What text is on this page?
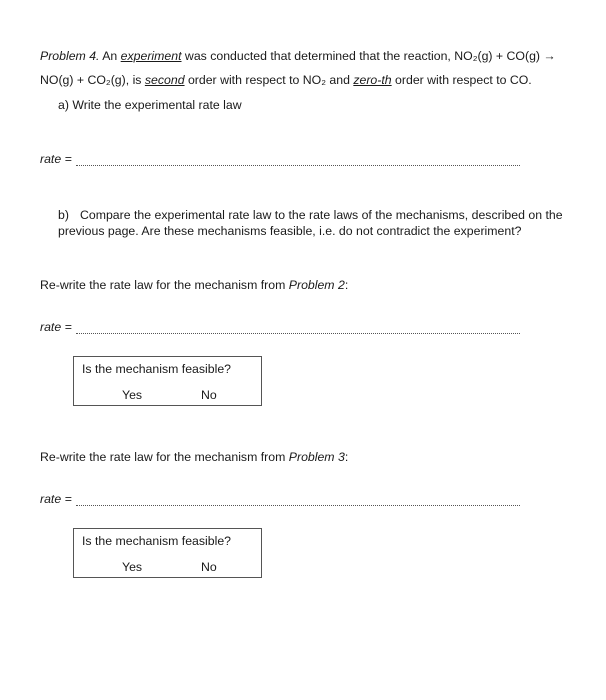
Problem 4. An experiment was conducted that determined that the reaction, NO₂(g) + CO(g) → NO(g) + CO₂(g), is second order with respect to NO₂ and zero-th order with respect to CO.
a) Write the experimental rate law
rate =
b) Compare the experimental rate law to the rate laws of the mechanisms, described on the previous page. Are these mechanisms feasible, i.e. do not contradict the experiment?
Re-write the rate law for the mechanism from Problem 2:
rate =
Is the mechanism feasible?
Yes	No
Re-write the rate law for the mechanism from Problem 3:
rate =
Is the mechanism feasible?
Yes	No
